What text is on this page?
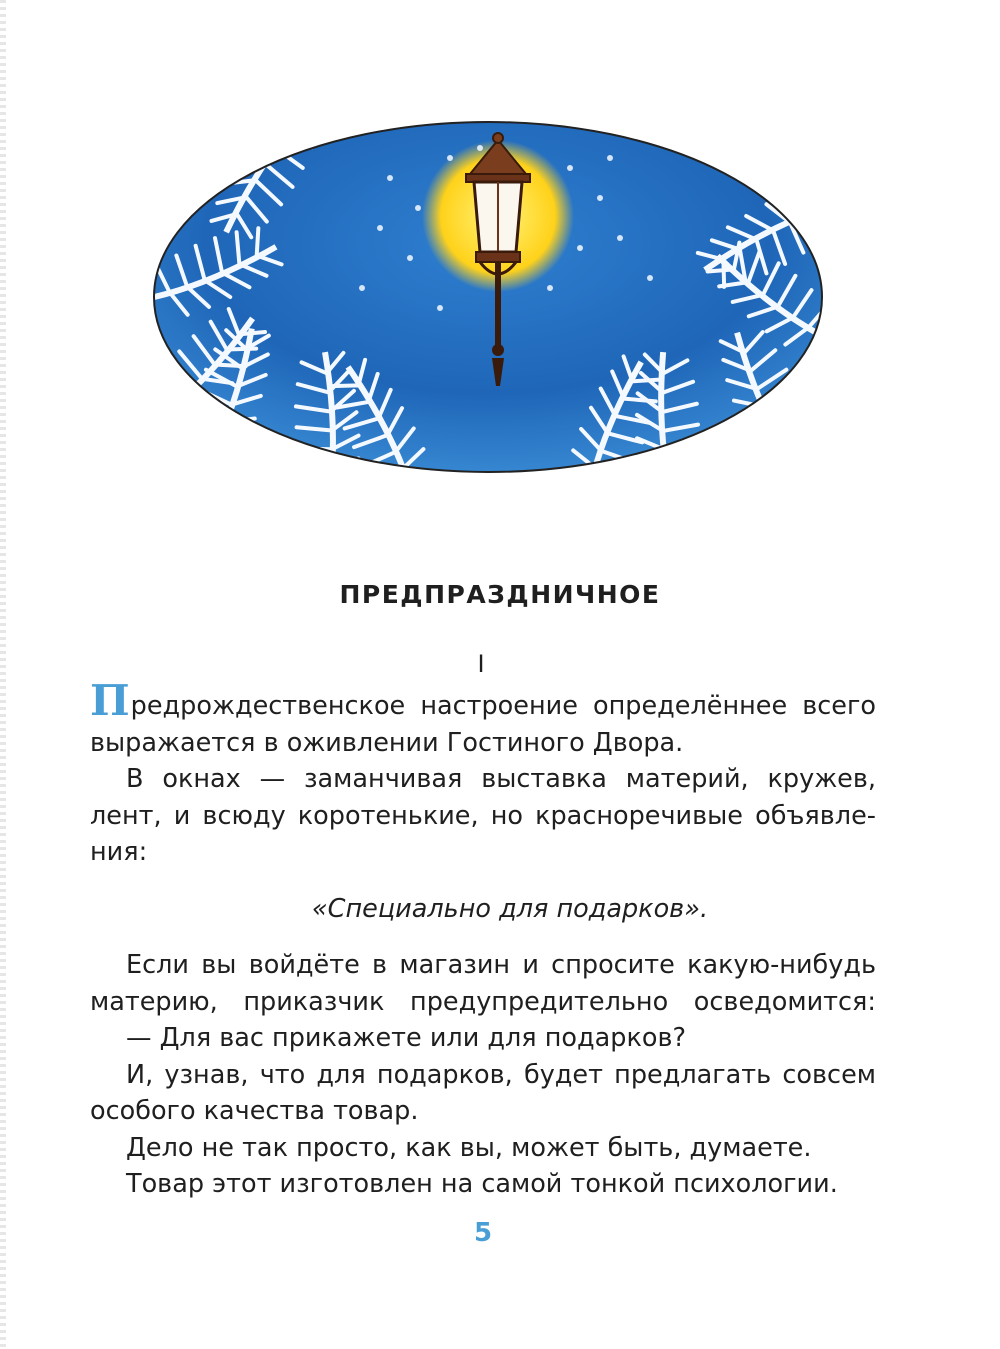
ПРЕДПРАЗДНИЧНОЕ
I

Предрождественское настроение определённее всего

выражается в оживлении Гостиного Двора.

В окнах — заманчивая выставка материй, кружев,

лент, и всюду коротенькие, но красноречивые объявле-

ния:

«Специально для подарков».

Если вы войдёте в магазин и спросите какую-нибудь

материю, приказчик предупредительно осведомится:

— Для вас прикажете или для подарков?

И, узнав, что для подарков, будет предлагать совсем

особого качества товар.

Дело не так просто, как вы, может быть, думаете.

Товар этот изготовлен на самой тонкой психологии.

5
